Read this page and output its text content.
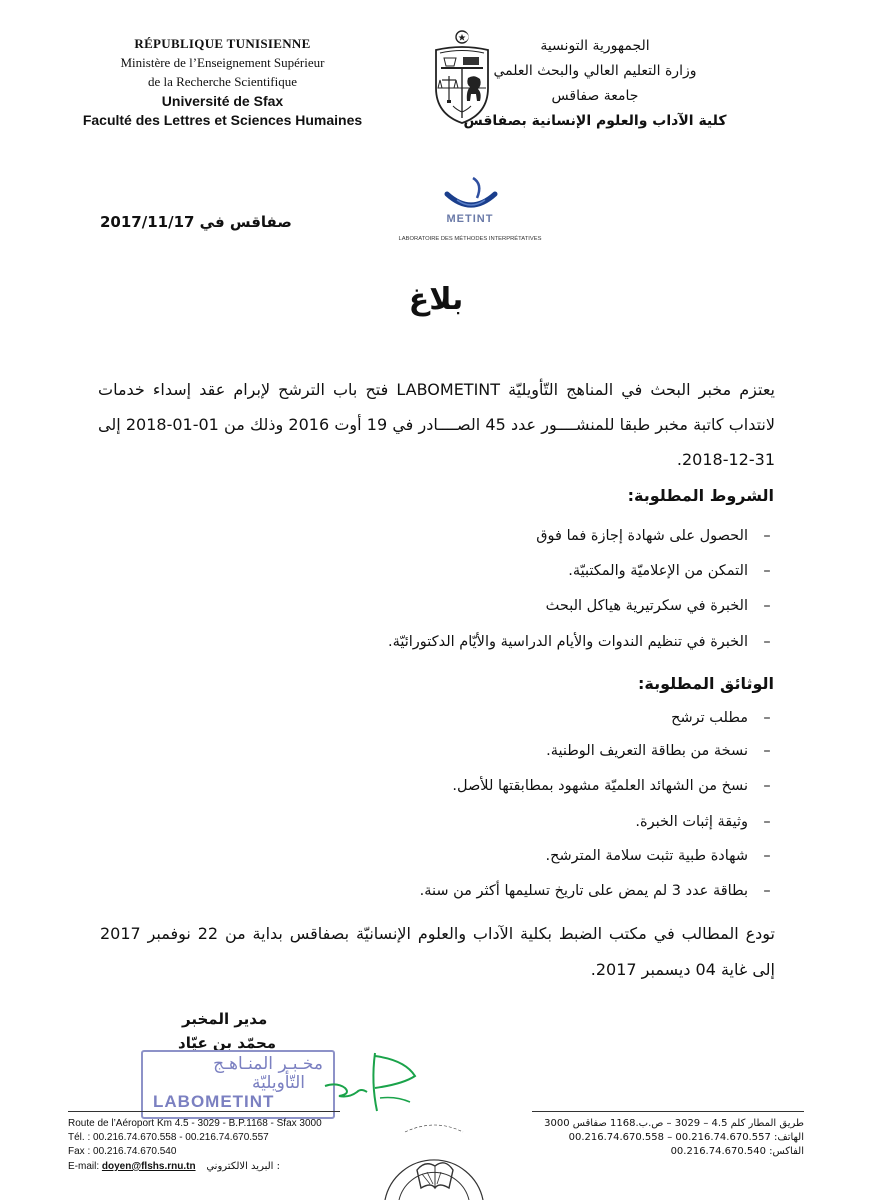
RÉPUBLIQUE TUNISIENNE
Ministère de l’Enseignement Supérieur
de la Recherche Scientifique
Université de Sfax
Faculté des Lettres et Sciences Humaines
الجمهورية التونسية
وزارة التعليم العالي والبحث العلمي
جامعة صفاقس
كلية الآداب والعلوم الإنسانية بصفاقس
METINT
LABORATOIRE DES MÉTHODES INTERPRÉTATIVES
صفاقس في 2017/11/17
بلاغ
يعتزم مخبر البحث في المناهج التّأويليّة LABOMETINT فتح باب الترشح لإبرام عقد إسداء خدمات لانتداب كاتبة مخبر طبقا للمنشــــور عدد 45 الصــــادر في 19 أوت 2016 وذلك من 01-01-2018 إلى 31-12-2018.
الشروط المطلوبة:
–
الحصول على شهادة إجازة فما فوق
–
التمكن من الإعلاميّة والمكتبيّة.
–
الخبرة في سكرتيرية هياكل البحث
–
الخبرة في تنظيم الندوات والأيام الدراسية والأيّام الدكتورائيّة.
الوثائق المطلوبة:
–
مطلب ترشح
–
نسخة من بطاقة التعريف الوطنية.
–
نسخ من الشهائد العلميّة مشهود بمطابقتها للأصل.
–
وثيقة إثبات الخبرة.
–
شهادة طبية تثبت سلامة المترشح.
–
بطاقة عدد 3 لم يمض على تاريخ تسليمها أكثر من سنة.
تودع المطالب في مكتب الضبط بكلية الآداب والعلوم الإنسانيّة بصفاقس بداية من 22 نوفمبر 2017 إلى غاية 04 ديسمبر 2017.
مدير المخبر
محمّد بن عيّاد
مخـبـر المنـاهـج
التّأويليّة
LABOMETINT
Route de l’Aéroport Km 4.5 - 3029 - B.P.1168 - Sfax 3000
Tél. : 00.216.74.670.558 - 00.216.74.670.557
Fax : 00.216.74.670.540
E-mail: doyen@flshs.rnu.tn البريد الالكتروني :
طريق المطار كلم 4.5 – 3029 – ص.ب.1168 صفاقس 3000
الهاتف: 00.216.74.670.557 – 00.216.74.670.558
الفاكس: 00.216.74.670.540
